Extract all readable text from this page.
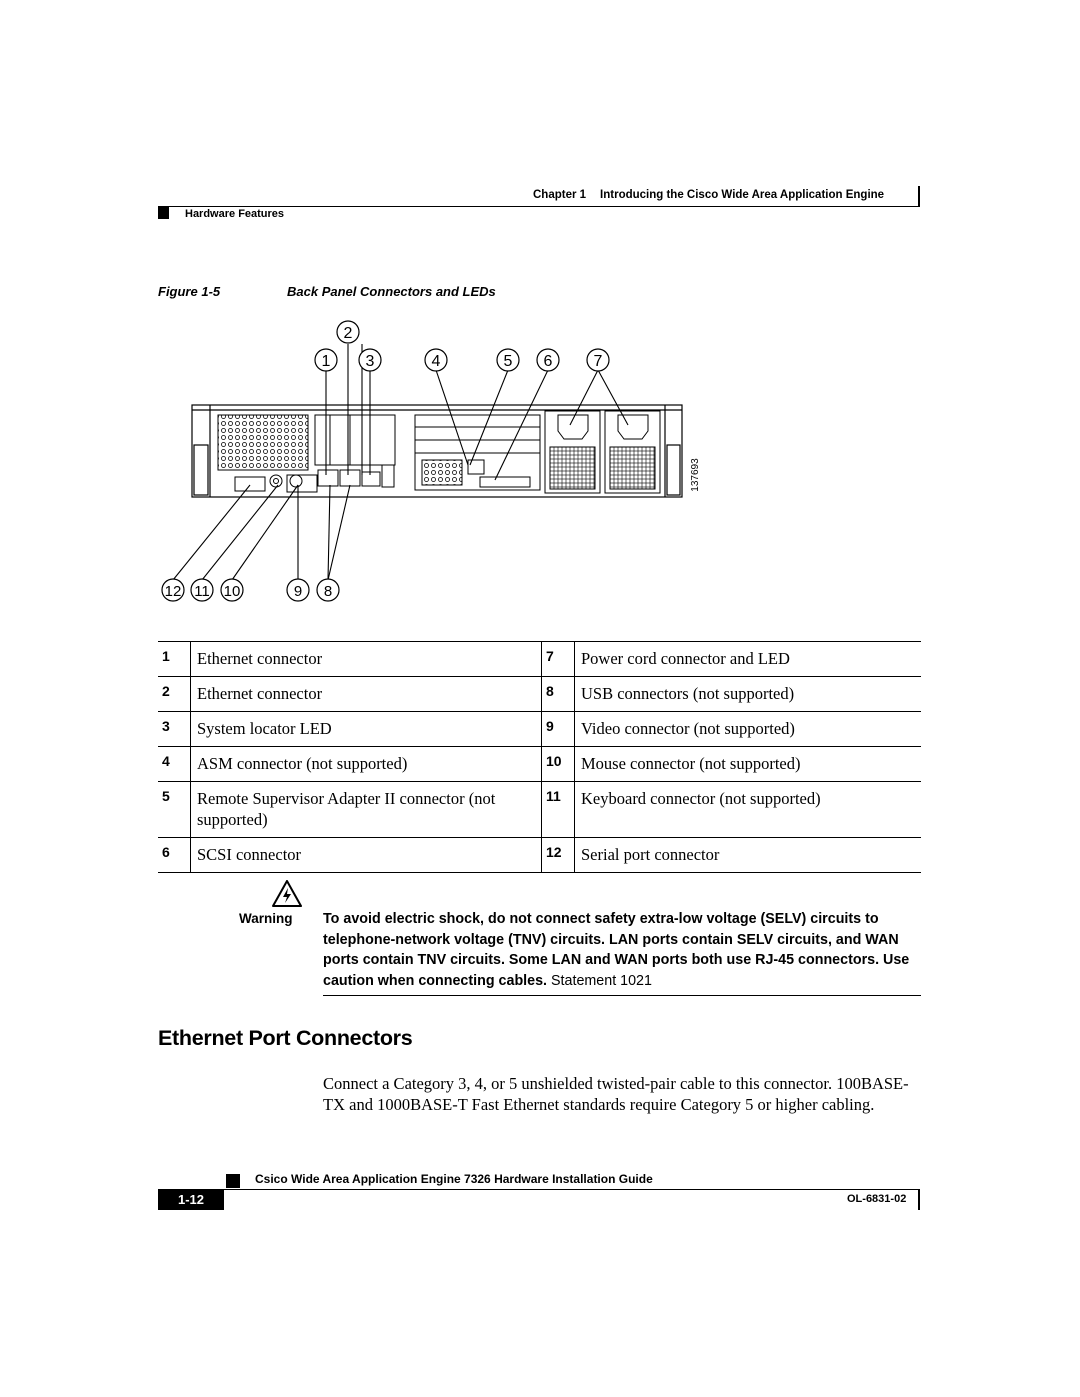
Chapter 1 Introducing the Cisco Wide Area Application Engine
Hardware Features
Figure 1-5	Back Panel Connectors and LEDs
137693
2
1 3	4	5 6	7
12 11 10	9 8
1	Ethernet connector	7	Power cord connector and LED
2	Ethernet connector	8	USB connectors (not supported)
3	System locator LED	9	Video connector (not supported)
4	ASM connector (not supported)	10	Mouse connector (not supported)
5	Remote Supervisor Adapter II connector (not supported)	11	Keyboard connector (not supported)
6	SCSI connector	12	Serial port connector
Warning To avoid electric shock, do not connect safety extra-low voltage (SELV) circuits to telephone-network voltage (TNV) circuits. LAN ports contain SELV circuits, and WAN ports contain TNV circuits. Some LAN and WAN ports both use RJ-45 connectors. Use caution when connecting cables. Statement 1021

Ethernet Port Connectors

Connect a Category 3, 4, or 5 unshielded twisted-pair cable to this connector. 100BASE-TX and 1000BASE-T Fast Ethernet standards require Category 5 or higher cabling.

Csico Wide Area Application Engine 7326 Hardware Installation Guide
1-12	OL-6831-02
